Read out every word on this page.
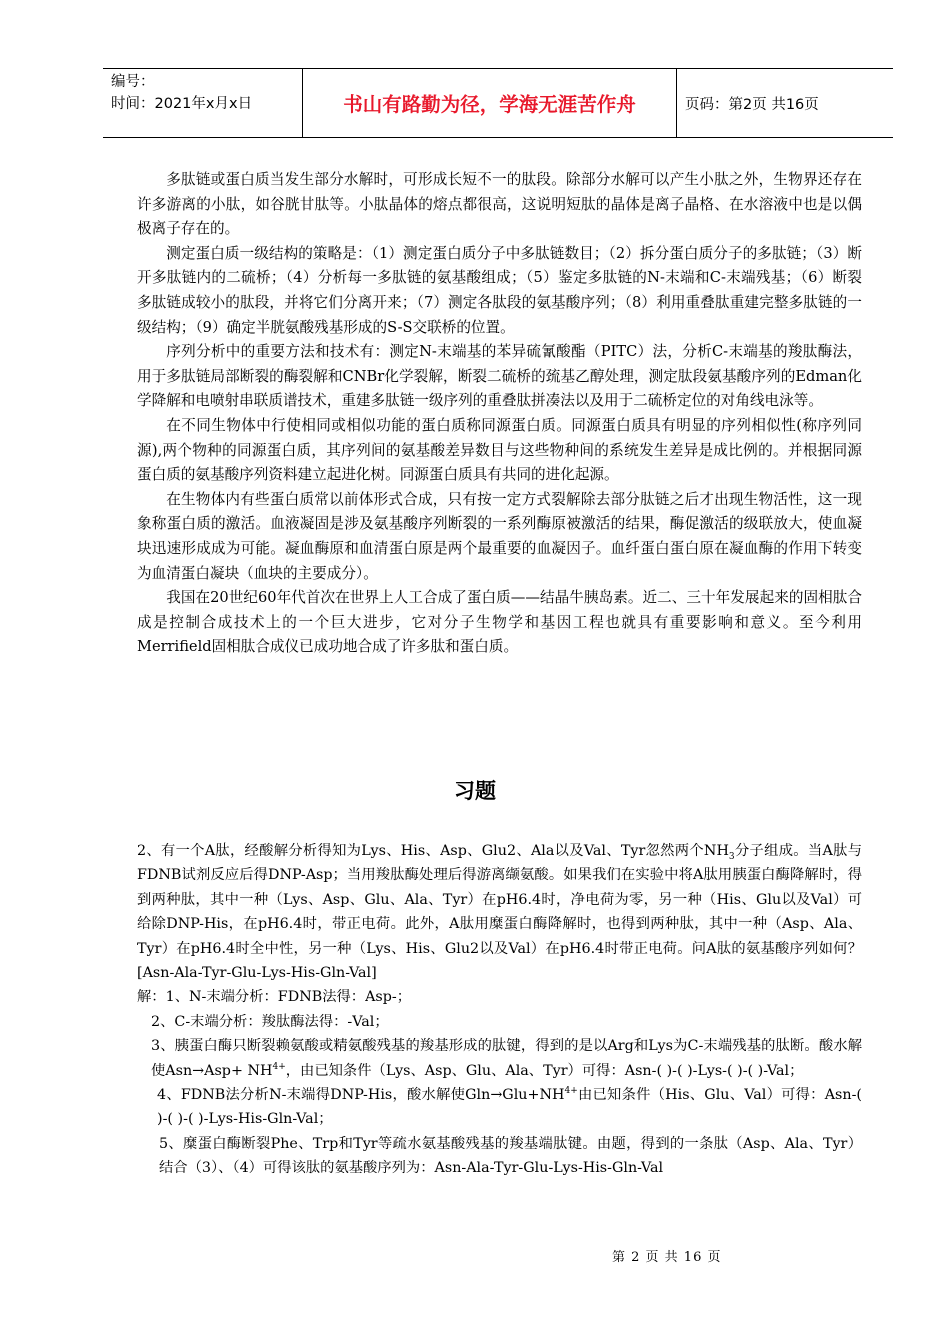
编号：
时间：2021年x月x日	书山有路勤为径，学海无涯苦作舟	页码：第2页 共16页

多肽链或蛋白质当发生部分水解时，可形成长短不一的肽段。除部分水解可以产生小肽之外，生物界还存在许多游离的小肽，如谷胱甘肽等。小肽晶体的熔点都很高，这说明短肽的晶体是离子晶格、在水溶液中也是以偶极离子存在的。

测定蛋白质一级结构的策略是：（1）测定蛋白质分子中多肽链数目；（2）拆分蛋白质分子的多肽链；（3）断开多肽链内的二硫桥；（4）分析每一多肽链的氨基酸组成；（5）鉴定多肽链的N-末端和C-末端残基；（6）断裂多肽链成较小的肽段，并将它们分离开来；（7）测定各肽段的氨基酸序列；（8）利用重叠肽重建完整多肽链的一级结构；（9）确定半胱氨酸残基形成的S-S交联桥的位置。

序列分析中的重要方法和技术有：测定N-末端基的苯异硫氰酸酯（PITC）法，分析C-末端基的羧肽酶法，用于多肽链局部断裂的酶裂解和CNBr化学裂解，断裂二硫桥的巯基乙醇处理，测定肽段氨基酸序列的Edman化学降解和电喷射串联质谱技术，重建多肽链一级序列的重叠肽拼凑法以及用于二硫桥定位的对角线电泳等。

在不同生物体中行使相同或相似功能的蛋白质称同源蛋白质。同源蛋白质具有明显的序列相似性(称序列同源),两个物种的同源蛋白质，其序列间的氨基酸差异数目与这些物种间的系统发生差异是成比例的。并根据同源蛋白质的氨基酸序列资料建立起进化树。同源蛋白质具有共同的进化起源。

在生物体内有些蛋白质常以前体形式合成，只有按一定方式裂解除去部分肽链之后才出现生物活性，这一现象称蛋白质的激活。血液凝固是涉及氨基酸序列断裂的一系列酶原被激活的结果，酶促激活的级联放大，使血凝块迅速形成成为可能。凝血酶原和血清蛋白原是两个最重要的血凝因子。血纤蛋白蛋白原在凝血酶的作用下转变为血清蛋白凝块（血块的主要成分）。

我国在20世纪60年代首次在世界上人工合成了蛋白质——结晶牛胰岛素。近二、三十年发展起来的固相肽合成是控制合成技术上的一个巨大进步，它对分子生物学和基因工程也就具有重要影响和意义。至今利用Merrifield固相肽合成仪已成功地合成了许多肽和蛋白质。

习题

2、有一个A肽，经酸解分析得知为Lys、His、Asp、Glu2、Ala以及Val、Tyr忽然两个$NH_3$分子组成。当A肽与FDNB试剂反应后得DNP-Asp；当用羧肽酶处理后得游离缬氨酸。如果我们在实验中将A肽用胰蛋白酶降解时，得到两种肽，其中一种（Lys、Asp、Glu、Ala、Tyr）在pH6.4时，净电荷为零，另一种（His、Glu以及Val）可给除DNP-His，在pH6.4时，带正电荷。此外，A肽用糜蛋白酶降解时，也得到两种肽，其中一种（Asp、Ala、Tyr）在pH6.4时全中性，另一种（Lys、His、Glu2以及Val）在pH6.4时带正电荷。问A肽的氨基酸序列如何？[Asn-Ala-Tyr-Glu-Lys-His-Gln-Val]

解：1、N-末端分析：FDNB法得：Asp-；

2、C-末端分析：羧肽酶法得：-Val；

3、胰蛋白酶只断裂赖氨酸或精氨酸残基的羧基形成的肽键，得到的是以Arg和Lys为C-末端残基的肽断。酸水解使$Asn\to Asp+ NH^{4+}$，由已知条件（Lys、Asp、Glu、Ala、Tyr）可得：Asn-( )-( )-Lys-( )-( )-Val；

4、FDNB法分析N-末端得DNP-His，酸水解使$Gln\to Glu+NH^{4+}$由已知条件（His、Glu、Val）可得：Asn-( )-( )-( )-Lys-His-Gln-Val；

5、糜蛋白酶断裂Phe、Trp和Tyr等疏水氨基酸残基的羧基端肽键。由题，得到的一条肽（Asp、Ala、Tyr）结合（3）、（4）可得该肽的氨基酸序列为：Asn-Ala-Tyr-Glu-Lys-His-Gln-Val

第 2 页 共 16 页
